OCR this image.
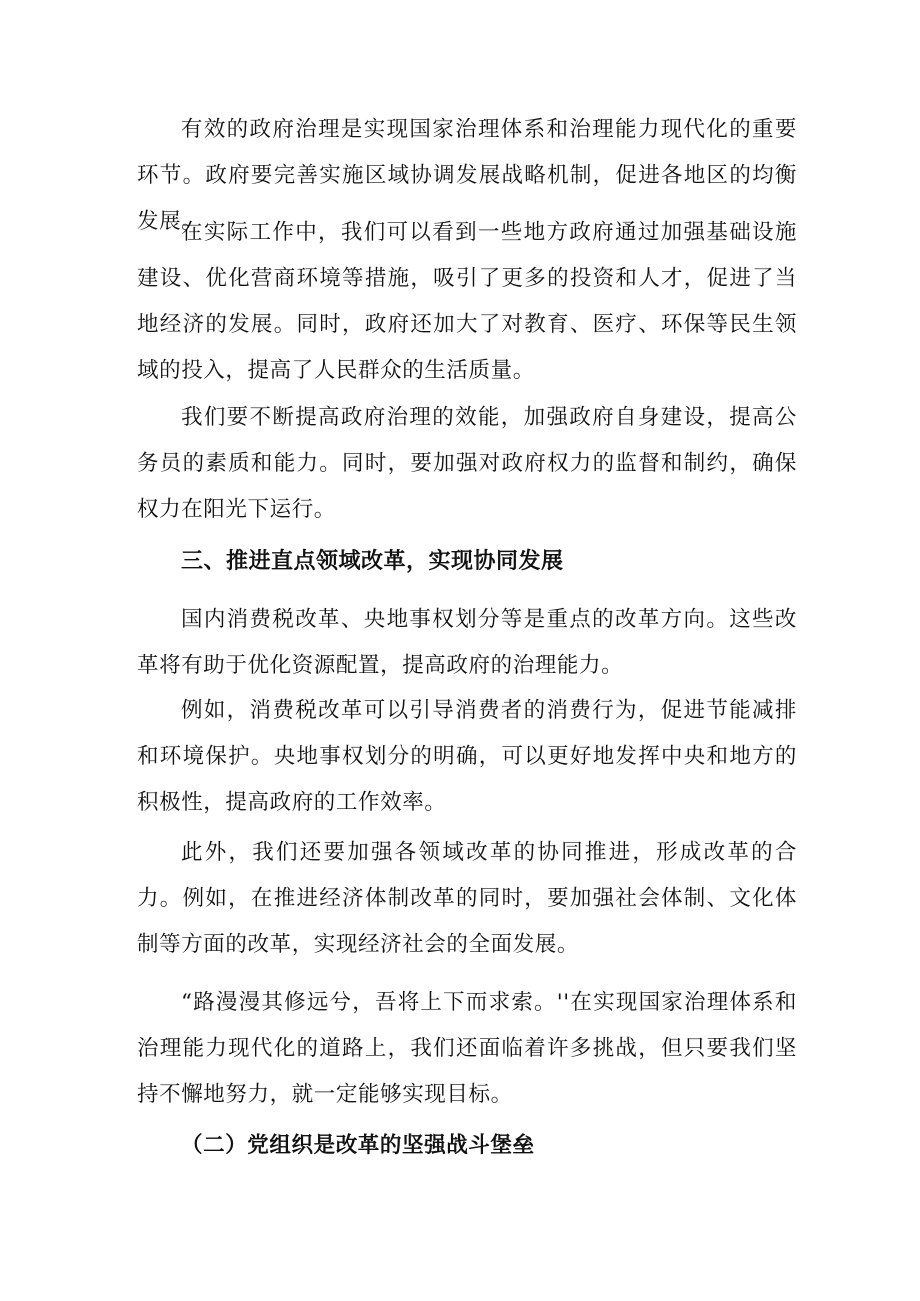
有效的政府治理是实现国家治理体系和治理能力现代化的重要环节。政府要完善实施区域协调发展战略机制，促进各地区的均衡发展。

在实际工作中，我们可以看到一些地方政府通过加强基础设施建设、优化营商环境等措施，吸引了更多的投资和人才，促进了当地经济的发展。同时，政府还加大了对教育、医疗、环保等民生领域的投入，提高了人民群众的生活质量。

我们要不断提高政府治理的效能，加强政府自身建设，提高公务员的素质和能力。同时，要加强对政府权力的监督和制约，确保权力在阳光下运行。

三、推进直点领域改革，实现协同发展

国内消费税改革、央地事权划分等是重点的改革方向。这些改革将有助于优化资源配置，提高政府的治理能力。

例如，消费税改革可以引导消费者的消费行为，促进节能减排和环境保护。央地事权划分的明确，可以更好地发挥中央和地方的积极性，提高政府的工作效率。

此外，我们还要加强各领域改革的协同推进，形成改革的合力。例如，在推进经济体制改革的同时，要加强社会体制、文化体制等方面的改革，实现经济社会的全面发展。

“路漫漫其修远兮，吾将上下而求索。''在实现国家治理体系和治理能力现代化的道路上，我们还面临着许多挑战，但只要我们坚持不懈地努力，就一定能够实现目标。

（二）党组织是改革的坚强战斗堡垒
